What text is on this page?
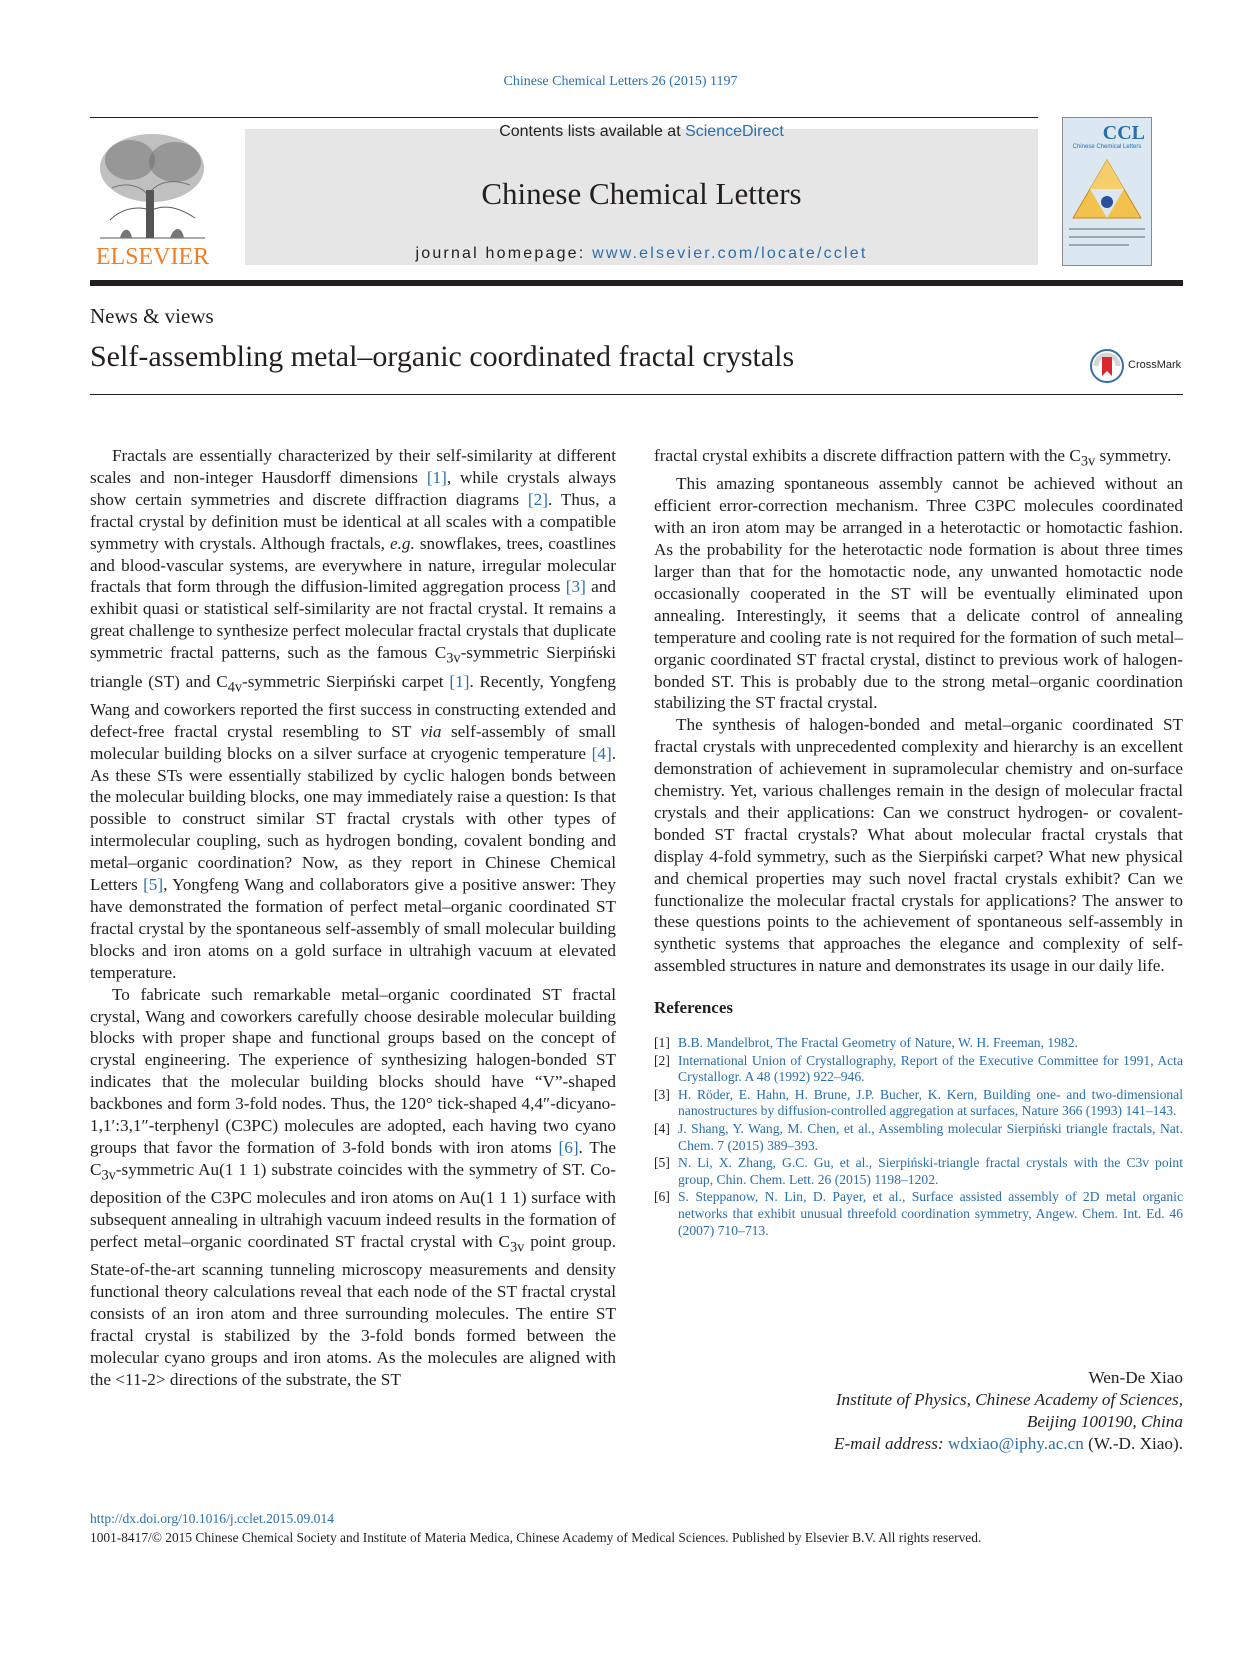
Chinese Chemical Letters 26 (2015) 1197
ELSEVIER
Contents lists available at ScienceDirect
Chinese Chemical Letters
journal homepage: www.elsevier.com/locate/cclet
CCL
Chinese Chemical Letters
News & views
Self-assembling metal–organic coordinated fractal crystals	CrossMark

Fractals are essentially characterized by their self-similarity at different scales and non-integer Hausdorff dimensions [1], while crystals always show certain symmetries and discrete diffraction diagrams [2]. Thus, a fractal crystal by definition must be identical at all scales with a compatible symmetry with crystals. Although fractals, e.g. snowflakes, trees, coastlines and blood-vascular systems, are everywhere in nature, irregular molecular fractals that form through the diffusion-limited aggregation process [3] and exhibit quasi or statistical self-similarity are not fractal crystal. It remains a great challenge to synthesize perfect molecular fractal crystals that duplicate symmetric fractal patterns, such as the famous $C_{3v}$-symmetric Sierpiński triangle (ST) and $C_{4v}$-symmetric Sierpiński carpet [1]. Recently, Yongfeng Wang and coworkers reported the first success in constructing extended and defect-free fractal crystal resembling to ST via self-assembly of small molecular building blocks on a silver surface at cryogenic temperature [4]. As these STs were essentially stabilized by cyclic halogen bonds between the molecular building blocks, one may immediately raise a question: Is that possible to construct similar ST fractal crystals with other types of intermolecular coupling, such as hydrogen bonding, covalent bonding and metal–organic coordination? Now, as they report in Chinese Chemical Letters [5], Yongfeng Wang and collaborators give a positive answer: They have demonstrated the formation of perfect metal–organic coordinated ST fractal crystal by the spontaneous self-assembly of small molecular building blocks and iron atoms on a gold surface in ultrahigh vacuum at elevated temperature.

To fabricate such remarkable metal–organic coordinated ST fractal crystal, Wang and coworkers carefully choose desirable molecular building blocks with proper shape and functional groups based on the concept of crystal engineering. The experience of synthesizing halogen-bonded ST indicates that the molecular building blocks should have “V”-shaped backbones and form 3-fold nodes. Thus, the 120° tick-shaped 4,4″-dicyano-1,1′:3,1″-terphenyl (C3PC) molecules are adopted, each having two cyano groups that favor the formation of 3-fold bonds with iron atoms [6]. The $C_{3v}$-symmetric Au(1 1 1) substrate coincides with the symmetry of ST. Co-deposition of the C3PC molecules and iron atoms on Au(1 1 1) surface with subsequent annealing in ultrahigh vacuum indeed results in the formation of perfect metal–organic coordinated ST fractal crystal with $C_{3v}$ point group. State-of-the-art scanning tunneling microscopy measurements and density functional theory calculations reveal that each node of the ST fractal crystal consists of an iron atom and three surrounding molecules. The entire ST fractal crystal is stabilized by the 3-fold bonds formed between the molecular cyano groups and iron atoms. As the molecules are aligned with the <11-2> directions of the substrate, the ST

fractal crystal exhibits a discrete diffraction pattern with the $C_{3v}$ symmetry.

This amazing spontaneous assembly cannot be achieved without an efficient error-correction mechanism. Three C3PC molecules coordinated with an iron atom may be arranged in a heterotactic or homotactic fashion. As the probability for the heterotactic node formation is about three times larger than that for the homotactic node, any unwanted homotactic node occasionally cooperated in the ST will be eventually eliminated upon annealing. Interestingly, it seems that a delicate control of annealing temperature and cooling rate is not required for the formation of such metal–organic coordinated ST fractal crystal, distinct to previous work of halogen-bonded ST. This is probably due to the strong metal–organic coordination stabilizing the ST fractal crystal.

The synthesis of halogen-bonded and metal–organic coordinated ST fractal crystals with unprecedented complexity and hierarchy is an excellent demonstration of achievement in supramolecular chemistry and on-surface chemistry. Yet, various challenges remain in the design of molecular fractal crystals and their applications: Can we construct hydrogen- or covalent-bonded ST fractal crystals? What about molecular fractal crystals that display 4-fold symmetry, such as the Sierpiński carpet? What new physical and chemical properties may such novel fractal crystals exhibit? Can we functionalize the molecular fractal crystals for applications? The answer to these questions points to the achievement of spontaneous self-assembly in synthetic systems that approaches the elegance and complexity of self-assembled structures in nature and demonstrates its usage in our daily life.

References
[1] B.B. Mandelbrot, The Fractal Geometry of Nature, W. H. Freeman, 1982.
[2] International Union of Crystallography, Report of the Executive Committee for 1991, Acta Crystallogr. A 48 (1992) 922–946.
[3] H. Röder, E. Hahn, H. Brune, J.P. Bucher, K. Kern, Building one- and two-dimensional nanostructures by diffusion-controlled aggregation at surfaces, Nature 366 (1993) 141–143.
[4] J. Shang, Y. Wang, M. Chen, et al., Assembling molecular Sierpiński triangle fractals, Nat. Chem. 7 (2015) 389–393.
[5] N. Li, X. Zhang, G.C. Gu, et al., Sierpiński-triangle fractal crystals with the C3v point group, Chin. Chem. Lett. 26 (2015) 1198–1202.
[6] S. Steppanow, N. Lin, D. Payer, et al., Surface assisted assembly of 2D metal organic networks that exhibit unusual threefold coordination symmetry, Angew. Chem. Int. Ed. 46 (2007) 710–713.
Wen-De Xiao
Institute of Physics, Chinese Academy of Sciences,
Beijing 100190, China
E-mail address: wdxiao@iphy.ac.cn (W.-D. Xiao).
http://dx.doi.org/10.1016/j.cclet.2015.09.014
1001-8417/© 2015 Chinese Chemical Society and Institute of Materia Medica, Chinese Academy of Medical Sciences. Published by Elsevier B.V. All rights reserved.
